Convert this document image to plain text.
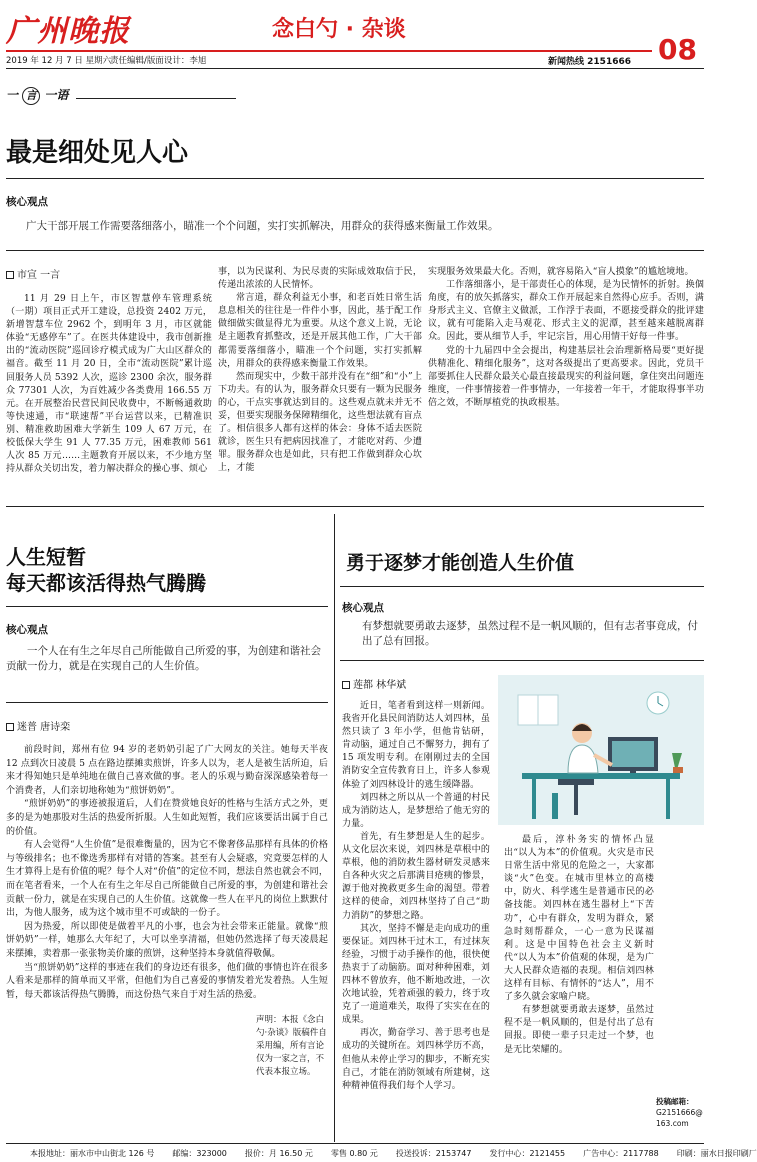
广州晚报	念白勺 · 杂谈
08
2019 年 12 月 7 日 星期六
责任编辑/版面设计：李旭	新闻热线 2151666
一 言 一语
最是细处见人心
核心观点
广大干部开展工作需要落细落小，瞄准一个个问题，实打实抓解决，用群众的获得感来衡量工作效果。
市宣 一言

11 月 29 日上午，市区智慧停车管理系统（一期）项目正式开工建设，总投资 2402 万元，新增智慧车位 2962 个，到明年 3 月，市区就能体验“无感停车”了。在医共体建设中，我市创新推出的“流动医院”巡回诊疗模式成为广大山区群众的福音。截至 11 月 20 日，全市“流动医院”累计巡回服务人员 5392 人次，巡诊 2300 余次，服务群众 77301 人次，为百姓减少各类费用 166.55 万元。在开展整治民营民间民收费中，不断畅通救助等快速通，市“联速帮”平台运营以来，已精准识别、精准救助困难大学新生 109 人 67 万元，在校低保大学生 91 人 77.35 万元，困难教师 561 人次 85 万元……主题教育开展以来，不少地方坚持从群众关切出发，着力解决群众的操心事、烦心

事，以为民谋利、为民尽责的实际成效取信于民，传递出浓浓的人民情怀。

常言道，群众利益无小事，和老百姓日常生活息息相关的往往是一件件小事，因此，基于配工作做细做实做显得尤为重要。从这个意义上说，无论是主题教育抓整改，还是开展其他工作，广大干部都需要落细落小，瞄准一个个问题，实打实抓解决，用群众的获得感来衡量工作效果。

然而现实中，少数干部并没有在“细”和“小”上下功夫。有的认为，服务群众只要有一颗为民服务的心，干点实事就达到目的。这些观点就未并无不妥，但要实现服务保障精细化，这些想法就有盲点了。相信很多人都有这样的体会：身体不适去医院就诊，医生只有把病因找准了，才能吃对药、少遭罪。服务群众也是如此，只有把工作做到群众心坎上，才能

实现服务效果最大化。否则，就容易陷入“盲人摸象”的尴尬境地。

工作落细落小，是干部责任心的体现，是为民情怀的折射。换個角度，有的放矢抓落实，群众工作开展起来自然得心应手。否则，满身形式主义、官僚主义做派，工作浮于表面，不愿接受群众的批评建议，就有可能陷入走马观花、形式主义的泥潭，甚至越来越脱离群众。因此，要从细节人手，牢记宗旨，用心用情干好每一件事。

党的十九届四中全会提出，构建基层社会治理新格局要“更好提供精准化、精细化服务”，这对各级提出了更高要求。因此，党员干部要抓住人民群众最关心最直接最现实的利益问题，拿住突出问题连维度，一件事情接着一件事情办，一年接着一年干，才能取得事半功倍之效，不断厚植党的执政根基。

人生短暂
每天都该活得热气腾腾
核心观点
一个人在有生之年尽自己所能做自己所爱的事，为创建和谐社会贡献一份力，就是在实现自己的人生价值。
迷普 唐诗栾

前段时间，郑州有位 94 岁的老奶奶引起了广大网友的关注。她每天半夜 12 点到次日凌晨 5 点在路边摆摊卖煎饼，许多人以为，老人是被生活所迫，后来才得知她只是单纯地在做自己喜欢做的事。老人的乐观与勤奋深深感染着每一个消费者，人们亲切地称她为“煎饼奶奶”。

“煎饼奶奶”的事迹被报道后，人们在赞赏她良好的性格与生活方式之外，更多的是为她那股对生活的热爱所折服。人生如此短暂，我们应该要活出属于自己的价值。

有人会觉得“人生价值”是很难衡量的，因为它不像奢侈品那样有具体的价格与等级排名；也不像选秀那样有对错的答案。甚至有人会疑惑，究竟要怎样的人生才算得上是有价值的呢？每个人对“价值”的定位不同，想法自然也就会不同，而在笔者看来，一个人在有生之年尽自己所能做自己所爱的事，为创建和谐社会贡献一份力，就是在实现自己的人生价值。这就像一些人在平凡的岗位上默默付出，为他人服务，成为这个城市里不可或缺的一份子。

因为热爱，所以即使是做着平凡的小事，也会为社会带来正能量。就像“煎饼奶奶”一样，她那么大年纪了，大可以坐享清福，但她仍然选择了每天凌晨起来摆摊，卖着那一张张物美价廉的煎饼，这种坚持本身就值得敬佩。

当“煎饼奶奶”这样的事迹在我们的身边还有很多，他们做的事情也许在很多人看来是那样的简单而又平常，但他们为自己喜爱的事情发着光发着热。人生短暂，每天都该活得热气腾腾，而这份热气来自于对生活的热爱。

勇于逐梦才能创造人生价值
核心观点
有梦想就要勇敢去逐梦，虽然过程不是一帆风顺的，但有志者事竟成，付出了总有回报。
莲都 林华斌

近日，笔者看到这样一则新闻。我省开化县民间消防达人刘四林，虽然只读了 3 年小学，但他肯钻研，肯动脑，通过自己不懈努力，拥有了 15 项发明专利。在刚刚过去的全国消防安全宣传教育日上，许多人参观体验了刘四林设计的逃生缓降器。

刘四林之所以从一个普通的村民成为消防达人，是梦想给了他无穷的力量。

首先，有生梦想是人生的起步。从文化层次来说，刘四林是草根中的草根，他的消防救生器材研发灵感来自各种火灾之后那满目疮痍的惨景，源于他对挽救更多生命的渴望。带着这样的使命，刘四林坚持了自己“助力消防”的梦想之路。

其次，坚持不懈是走向成功的重要保证。刘四林干过木工，有过抹灰经验，习惯于动手操作的他，很快便热衷于了动脑筋。面对种种困难，刘四林不曾放弃，他不断地改进，一次次地试验，凭着顽强的毅力，终于攻克了一道道难关，取得了实实在在的成果。

再次，勤奋学习、善于思考也是成功的关键所在。刘四林学历不高，但他从未停止学习的脚步，不断充实自己，才能在消防领域有所建树，这种精神值得我们每个人学习。

声明：本报《念白勺·杂谈》版稿件自采用编，所有言论仅为一家之言，不代表本报立场。

最后，淳朴务实的情怀凸显出“以人为本”的价值观。火灾是市民日常生活中常见的危险之一，大家都谈“火”色变。在城市里林立的高楼中，防火、科学逃生是普通市民的必备技能。刘四林在逃生器材上“下苦功”，心中有群众，发明为群众，紧急时刻帮群众，一心一意为民谋福利。这是中国特色社会主义新时代“以人为本”价值观的体现，是为广大人民群众造福的表现。相信刘四林这样有目标、有情怀的“达人”，用不了多久就会家喻户晓。

有梦想就要勇敢去逐梦，虽然过程不是一帆风顺的，但是付出了总有回报。即使一辈子只走过一个梦，也是无比荣耀的。

投稿邮箱：
G2151666@
163.com
本报地址：丽水市中山街北 126 号 邮编：323000 报价：月 16.50 元 零售 0.80 元 投送投诉：2153747 发行中心：2121455 广告中心：2117788 印刷：丽水日报印刷厂
